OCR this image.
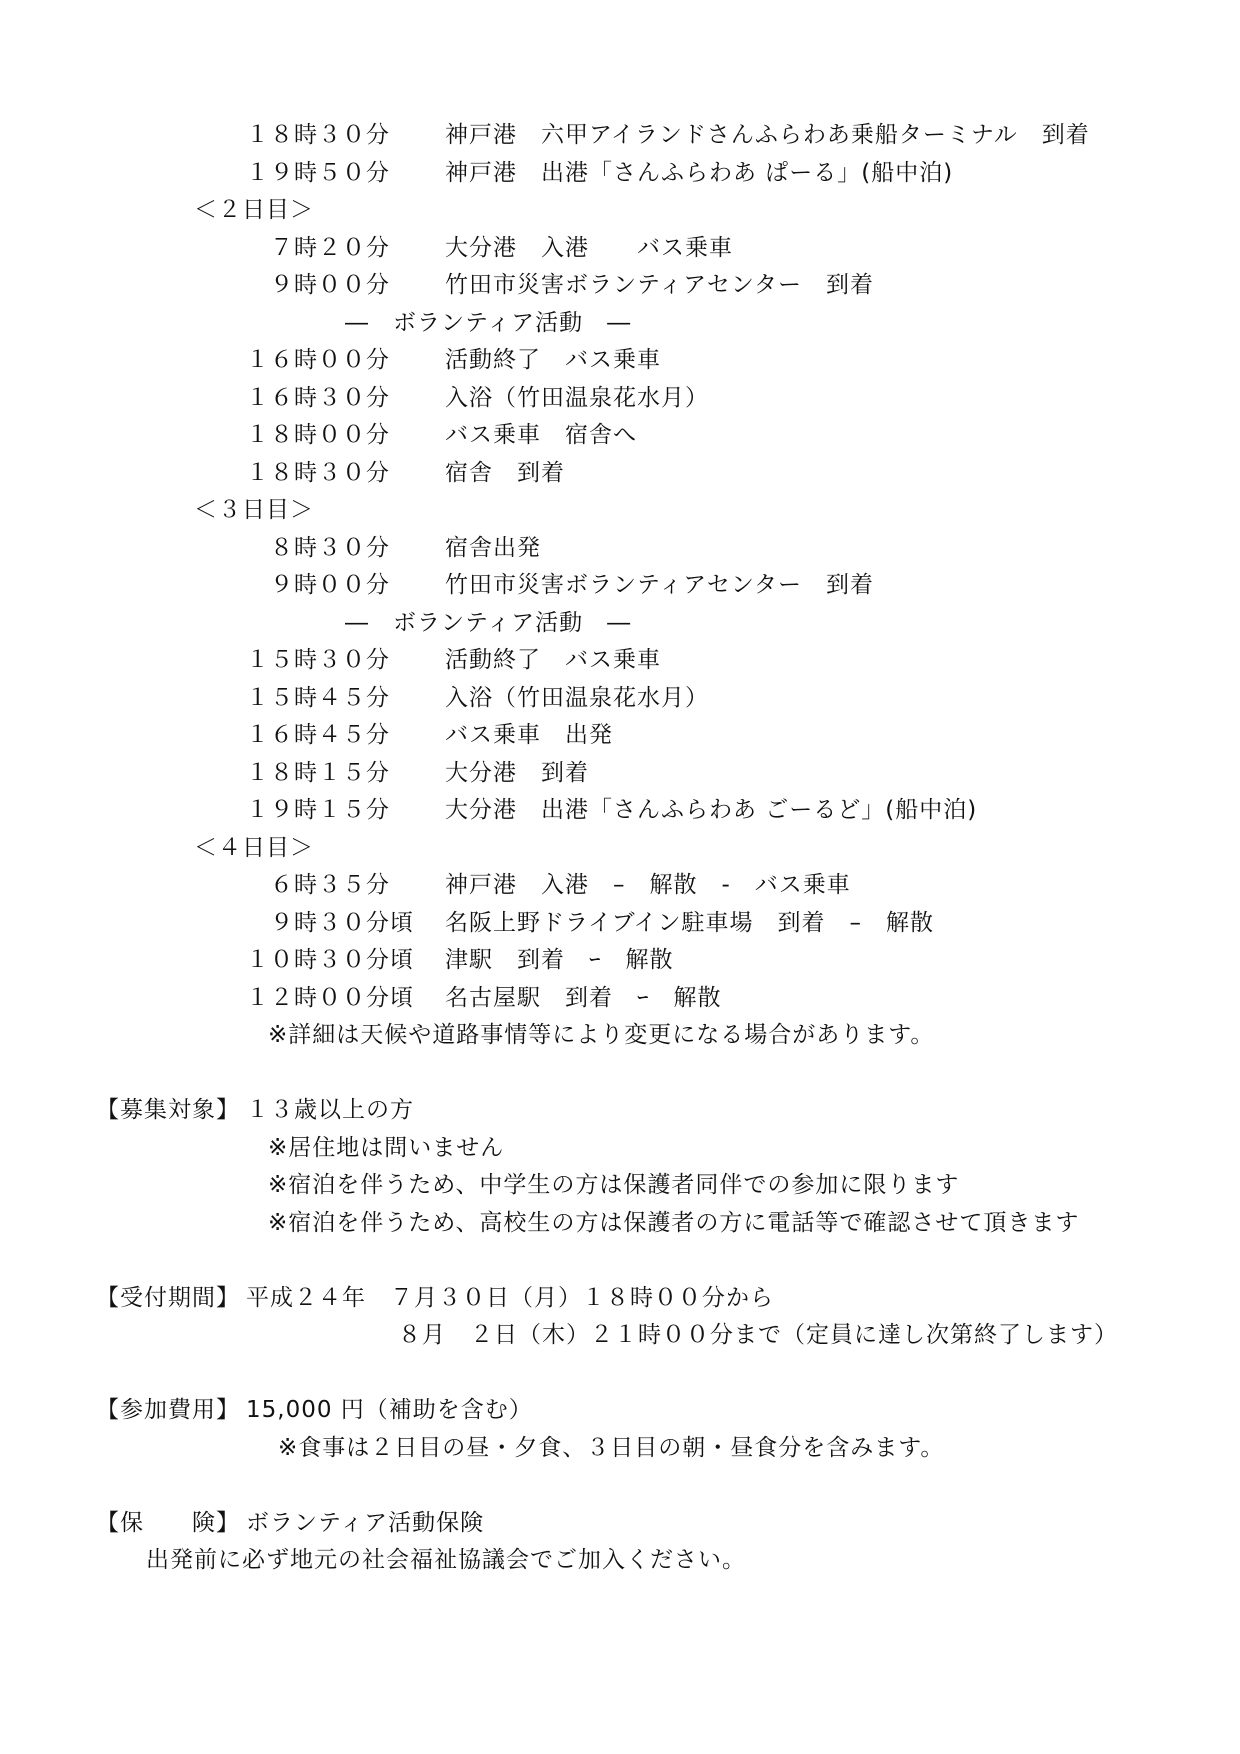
１８時３０分 神戸港　六甲アイランドさんふらわあ乗船ターミナル　到着
１９時５０分 神戸港　出港「さんふらわあ ぱーる」(船中泊)
＜２日目＞
７時２０分 大分港　入港　　バス乗車
９時００分 竹田市災害ボランティアセンター　到着
―　ボランティア活動　―
１６時００分 活動終了　バス乗車
１６時３０分 入浴（竹田温泉花水月）
１８時００分 バス乗車　宿舎へ
１８時３０分 宿舎　到着
＜３日目＞
８時３０分 宿舎出発
９時００分 竹田市災害ボランティアセンター　到着
―　ボランティア活動　―
１５時３０分 活動終了　バス乗車
１５時４５分 入浴（竹田温泉花水月）
１６時４５分 バス乗車　出発
１８時１５分 大分港　到着
１９時１５分 大分港　出港「さんふらわあ ごーるど」(船中泊)
＜４日目＞
６時３５分 神戸港　入港　–　解散　-　バス乗車
９時３０分頃 名阪上野ドライブイン駐車場　到着　–　解散
１０時３０分頃 津駅　到着　ｰ　解散
１２時００分頃 名古屋駅　到着　ｰ　解散
※詳細は天候や道路事情等により変更になる場合があります。
【募集対象】 １３歳以上の方
※居住地は問いません
※宿泊を伴うため、中学生の方は保護者同伴での参加に限ります
※宿泊を伴うため、高校生の方は保護者の方に電話等で確認させて頂きます
【受付期間】 平成２４年　７月３０日（月）１８時００分から
８月　２日（木）２１時００分まで（定員に達し次第終了します）
【参加費用】 15,000 円（補助を含む）
※食事は２日目の昼・夕食、３日目の朝・昼食分を含みます。
【保　　険】 ボランティア活動保険
出発前に必ず地元の社会福祉協議会でご加入ください。
